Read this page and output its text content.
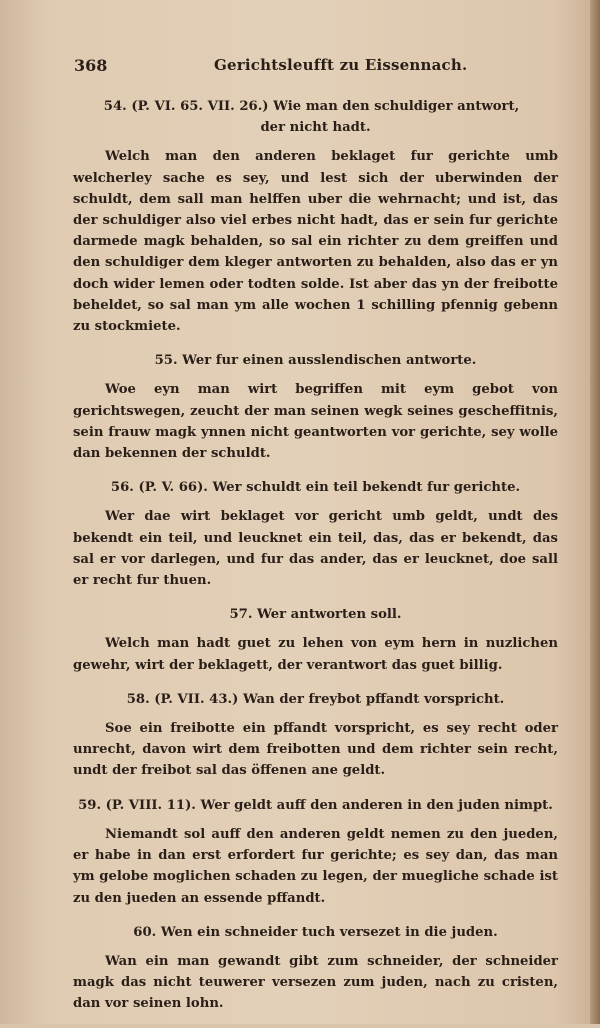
368	Gerichtsleufft zu Eissennach.
54. (P. VI. 65. VII. 26.) Wie man den schuldiger antwort,
der nicht hadt.

Welch man den anderen beklaget fur gerichte umb welcherley sache es sey, und lest sich der uberwinden der schuldt, dem sall man helffen uber die wehrnacht; und ist, das der schuldiger also viel erbes nicht hadt, das er sein fur gerichte darmede magk behalden, so sal ein richter zu dem greiffen und den schuldiger dem kleger antworten zu behalden, also das er yn doch wider lemen oder todten solde. Ist aber das yn der freibotte beheldet, so sal man ym alle wochen 1 schilling pfennig gebenn zu stockmiete.

55. Wer fur einen ausslendischen antworte.

Woe eyn man wirt begriffen mit eym gebot von gerichtswegen, zeucht der man seinen wegk seines gescheffitnis, sein frauw magk ynnen nicht geantworten vor gerichte, sey wolle dan bekennen der schuldt.

56. (P. V. 66). Wer schuldt ein teil bekendt fur gerichte.

Wer dae wirt beklaget vor gericht umb geldt, undt des bekendt ein teil, und leucknet ein teil, das, das er bekendt, das sal er vor darlegen, und fur das ander, das er leucknet, doe sall er recht fur thuen.

57. Wer antworten soll.

Welch man hadt guet zu lehen von eym hern in nuzlichen gewehr, wirt der beklagett, der verantwort das guet billig.

58. (P. VII. 43.) Wan der freybot pffandt vorspricht.

Soe ein freibotte ein pffandt vorspricht, es sey recht oder unrecht, davon wirt dem freibotten und dem richter sein recht, undt der freibot sal das öffenen ane geldt.

59. (P. VIII. 11). Wer geldt auff den anderen in den juden nimpt.

Niemandt sol auff den anderen geldt nemen zu den jueden, er habe in dan erst erfordert fur gerichte; es sey dan, das man ym gelobe moglichen schaden zu legen, der muegliche schade ist zu den jueden an essende pffandt.

60. Wen ein schneider tuch versezet in die juden.

Wan ein man gewandt gibt zum schneider, der schneider magk das nicht teuwerer versezen zum juden, nach zu cristen, dan vor seinen lohn.
